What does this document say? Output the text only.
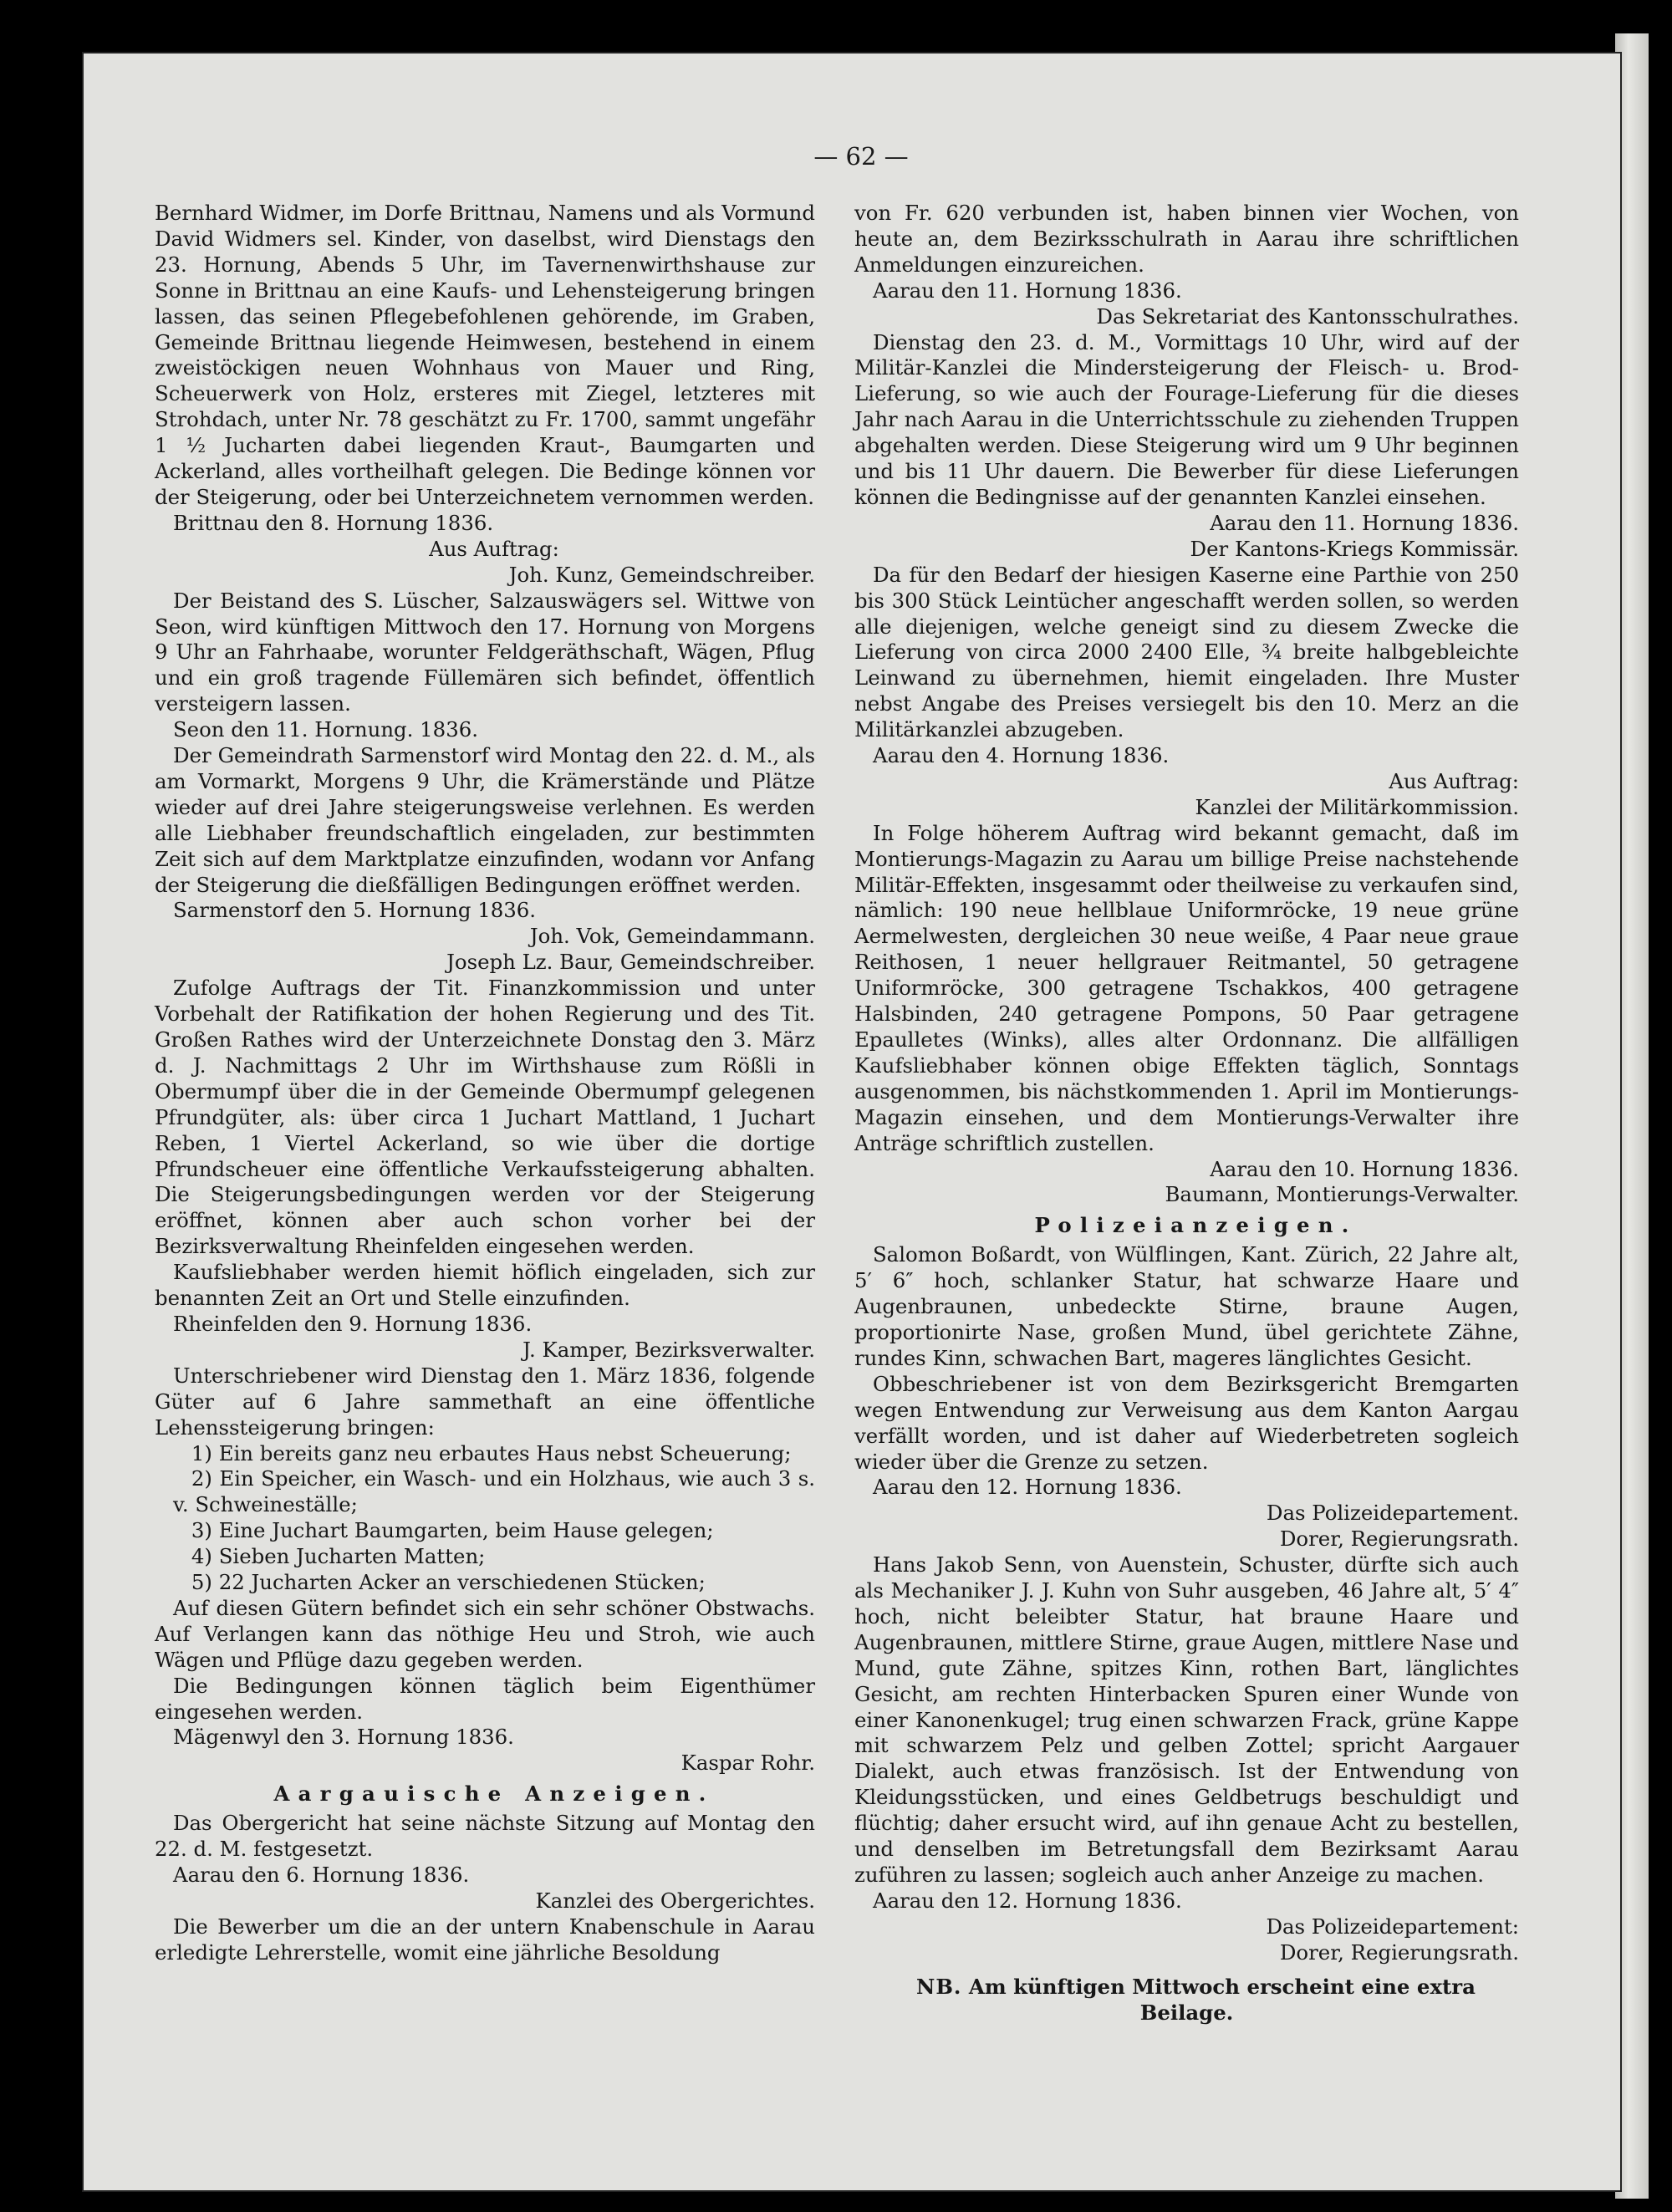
— 62 —

Bernhard Widmer, im Dorfe Brittnau, Namens und als Vormund David Widmers sel. Kinder, von daselbst, wird Dienstags den 23. Hornung, Abends 5 Uhr, im Tavernenwirthshause zur Sonne in Brittnau an eine Kaufs- und Lehensteigerung bringen lassen, das seinen Pflegebefohlenen gehörende, im Graben, Gemeinde Brittnau liegende Heimwesen, bestehend in einem zweistöckigen neuen Wohnhaus von Mauer und Ring, Scheuerwerk von Holz, ersteres mit Ziegel, letzteres mit Strohdach, unter Nr. 78 geschätzt zu Fr. 1700, sammt ungefähr 1 ½ Jucharten dabei liegenden Kraut-, Baumgarten und Ackerland, alles vortheilhaft gelegen. Die Bedinge können vor der Steigerung, oder bei Unterzeichnetem vernommen werden.

Brittnau den 8. Hornung 1836.

Aus Auftrag:

Joh. Kunz, Gemeindschreiber.

Der Beistand des S. Lüscher, Salzauswägers sel. Wittwe von Seon, wird künftigen Mittwoch den 17. Hornung von Morgens 9 Uhr an Fahrhaabe, worunter Feldgeräthschaft, Wägen, Pflug und ein groß tragende Füllemären sich befindet, öffentlich versteigern lassen.

Seon den 11. Hornung. 1836.

Der Gemeindrath Sarmenstorf wird Montag den 22. d. M., als am Vormarkt, Morgens 9 Uhr, die Krämerstände und Plätze wieder auf drei Jahre steigerungsweise verlehnen. Es werden alle Liebhaber freundschaftlich eingeladen, zur bestimmten Zeit sich auf dem Marktplatze einzufinden, wodann vor Anfang der Steigerung die dießfälligen Bedingungen eröffnet werden.

Sarmenstorf den 5. Hornung 1836.

Joh. Vok, Gemeindammann.

Joseph Lz. Baur, Gemeindschreiber.

Zufolge Auftrags der Tit. Finanzkommission und unter Vorbehalt der Ratifikation der hohen Regierung und des Tit. Großen Rathes wird der Unterzeichnete Donstag den 3. März d. J. Nachmittags 2 Uhr im Wirthshause zum Rößli in Obermumpf über die in der Gemeinde Obermumpf gelegenen Pfrundgüter, als: über circa 1 Juchart Mattland, 1 Juchart Reben, 1 Viertel Ackerland, so wie über die dortige Pfrundscheuer eine öffentliche Verkaufssteigerung abhalten. Die Steigerungsbedingungen werden vor der Steigerung eröffnet, können aber auch schon vorher bei der Bezirksverwaltung Rheinfelden eingesehen werden.

Kaufsliebhaber werden hiemit höflich eingeladen, sich zur benannten Zeit an Ort und Stelle einzufinden.

Rheinfelden den 9. Hornung 1836.

J. Kamper, Bezirksverwalter.

Unterschriebener wird Dienstag den 1. März 1836, folgende Güter auf 6 Jahre sammethaft an eine öffentliche Lehenssteigerung bringen:

1) Ein bereits ganz neu erbautes Haus nebst Scheuerung;

2) Ein Speicher, ein Wasch- und ein Holzhaus, wie auch 3 s. v. Schweineställe;

3) Eine Juchart Baumgarten, beim Hause gelegen;

4) Sieben Jucharten Matten;

5) 22 Jucharten Acker an verschiedenen Stücken;

Auf diesen Gütern befindet sich ein sehr schöner Obstwachs. Auf Verlangen kann das nöthige Heu und Stroh, wie auch Wägen und Pflüge dazu gegeben werden.

Die Bedingungen können täglich beim Eigenthümer eingesehen werden.

Mägenwyl den 3. Hornung 1836.

Kaspar Rohr.

Aargauische Anzeigen.

Das Obergericht hat seine nächste Sitzung auf Montag den 22. d. M. festgesetzt.

Aarau den 6. Hornung 1836.

Kanzlei des Obergerichtes.

Die Bewerber um die an der untern Knabenschule in Aarau erledigte Lehrerstelle, womit eine jährliche Besoldung

von Fr. 620 verbunden ist, haben binnen vier Wochen, von heute an, dem Bezirksschulrath in Aarau ihre schriftlichen Anmeldungen einzureichen.

Aarau den 11. Hornung 1836.

Das Sekretariat des Kantonsschulrathes.

Dienstag den 23. d. M., Vormittags 10 Uhr, wird auf der Militär-Kanzlei die Mindersteigerung der Fleisch- u. Brod-Lieferung, so wie auch der Fourage-Lieferung für die dieses Jahr nach Aarau in die Unterrichtsschule zu ziehenden Truppen abgehalten werden. Diese Steigerung wird um 9 Uhr beginnen und bis 11 Uhr dauern. Die Bewerber für diese Lieferungen können die Bedingnisse auf der genannten Kanzlei einsehen.

Aarau den 11. Hornung 1836.

Der Kantons-Kriegs Kommissär.

Da für den Bedarf der hiesigen Kaserne eine Parthie von 250 bis 300 Stück Leintücher angeschafft werden sollen, so werden alle diejenigen, welche geneigt sind zu diesem Zwecke die Lieferung von circa 2000 2400 Elle, ¾ breite halbgebleichte Leinwand zu übernehmen, hiemit eingeladen. Ihre Muster nebst Angabe des Preises versiegelt bis den 10. Merz an die Militärkanzlei abzugeben.

Aarau den 4. Hornung 1836.

Aus Auftrag:

Kanzlei der Militärkommission.

In Folge höherem Auftrag wird bekannt gemacht, daß im Montierungs-Magazin zu Aarau um billige Preise nachstehende Militär-Effekten, insgesammt oder theilweise zu verkaufen sind, nämlich: 190 neue hellblaue Uniformröcke, 19 neue grüne Aermelwesten, dergleichen 30 neue weiße, 4 Paar neue graue Reithosen, 1 neuer hellgrauer Reitmantel, 50 getragene Uniformröcke, 300 getragene Tschakkos, 400 getragene Halsbinden, 240 getragene Pompons, 50 Paar getragene Epaulletes (Winks), alles alter Ordonnanz. Die allfälligen Kaufsliebhaber können obige Effekten täglich, Sonntags ausgenommen, bis nächstkommenden 1. April im Montierungs-Magazin einsehen, und dem Montierungs-Verwalter ihre Anträge schriftlich zustellen.

Aarau den 10. Hornung 1836.

Baumann, Montierungs-Verwalter.

Polizeianzeigen.

Salomon Boßardt, von Wülflingen, Kant. Zürich, 22 Jahre alt, 5′ 6″ hoch, schlanker Statur, hat schwarze Haare und Augenbraunen, unbedeckte Stirne, braune Augen, proportionirte Nase, großen Mund, übel gerichtete Zähne, rundes Kinn, schwachen Bart, mageres länglichtes Gesicht.

Obbeschriebener ist von dem Bezirksgericht Bremgarten wegen Entwendung zur Verweisung aus dem Kanton Aargau verfällt worden, und ist daher auf Wiederbetreten sogleich wieder über die Grenze zu setzen.

Aarau den 12. Hornung 1836.

Das Polizeidepartement.

Dorer, Regierungsrath.

Hans Jakob Senn, von Auenstein, Schuster, dürfte sich auch als Mechaniker J. J. Kuhn von Suhr ausgeben, 46 Jahre alt, 5′ 4″ hoch, nicht beleibter Statur, hat braune Haare und Augenbraunen, mittlere Stirne, graue Augen, mittlere Nase und Mund, gute Zähne, spitzes Kinn, rothen Bart, länglichtes Gesicht, am rechten Hinterbacken Spuren einer Wunde von einer Kanonenkugel; trug einen schwarzen Frack, grüne Kappe mit schwarzem Pelz und gelben Zottel; spricht Aargauer Dialekt, auch etwas französisch. Ist der Entwendung von Kleidungsstücken, und eines Geldbetrugs beschuldigt und flüchtig; daher ersucht wird, auf ihn genaue Acht zu bestellen, und denselben im Betretungsfall dem Bezirksamt Aarau zuführen zu lassen; sogleich auch anher Anzeige zu machen.

Aarau den 12. Hornung 1836.

Das Polizeidepartement:

Dorer, Regierungsrath.

NB. Am künftigen Mittwoch erscheint eine extra Beilage.
